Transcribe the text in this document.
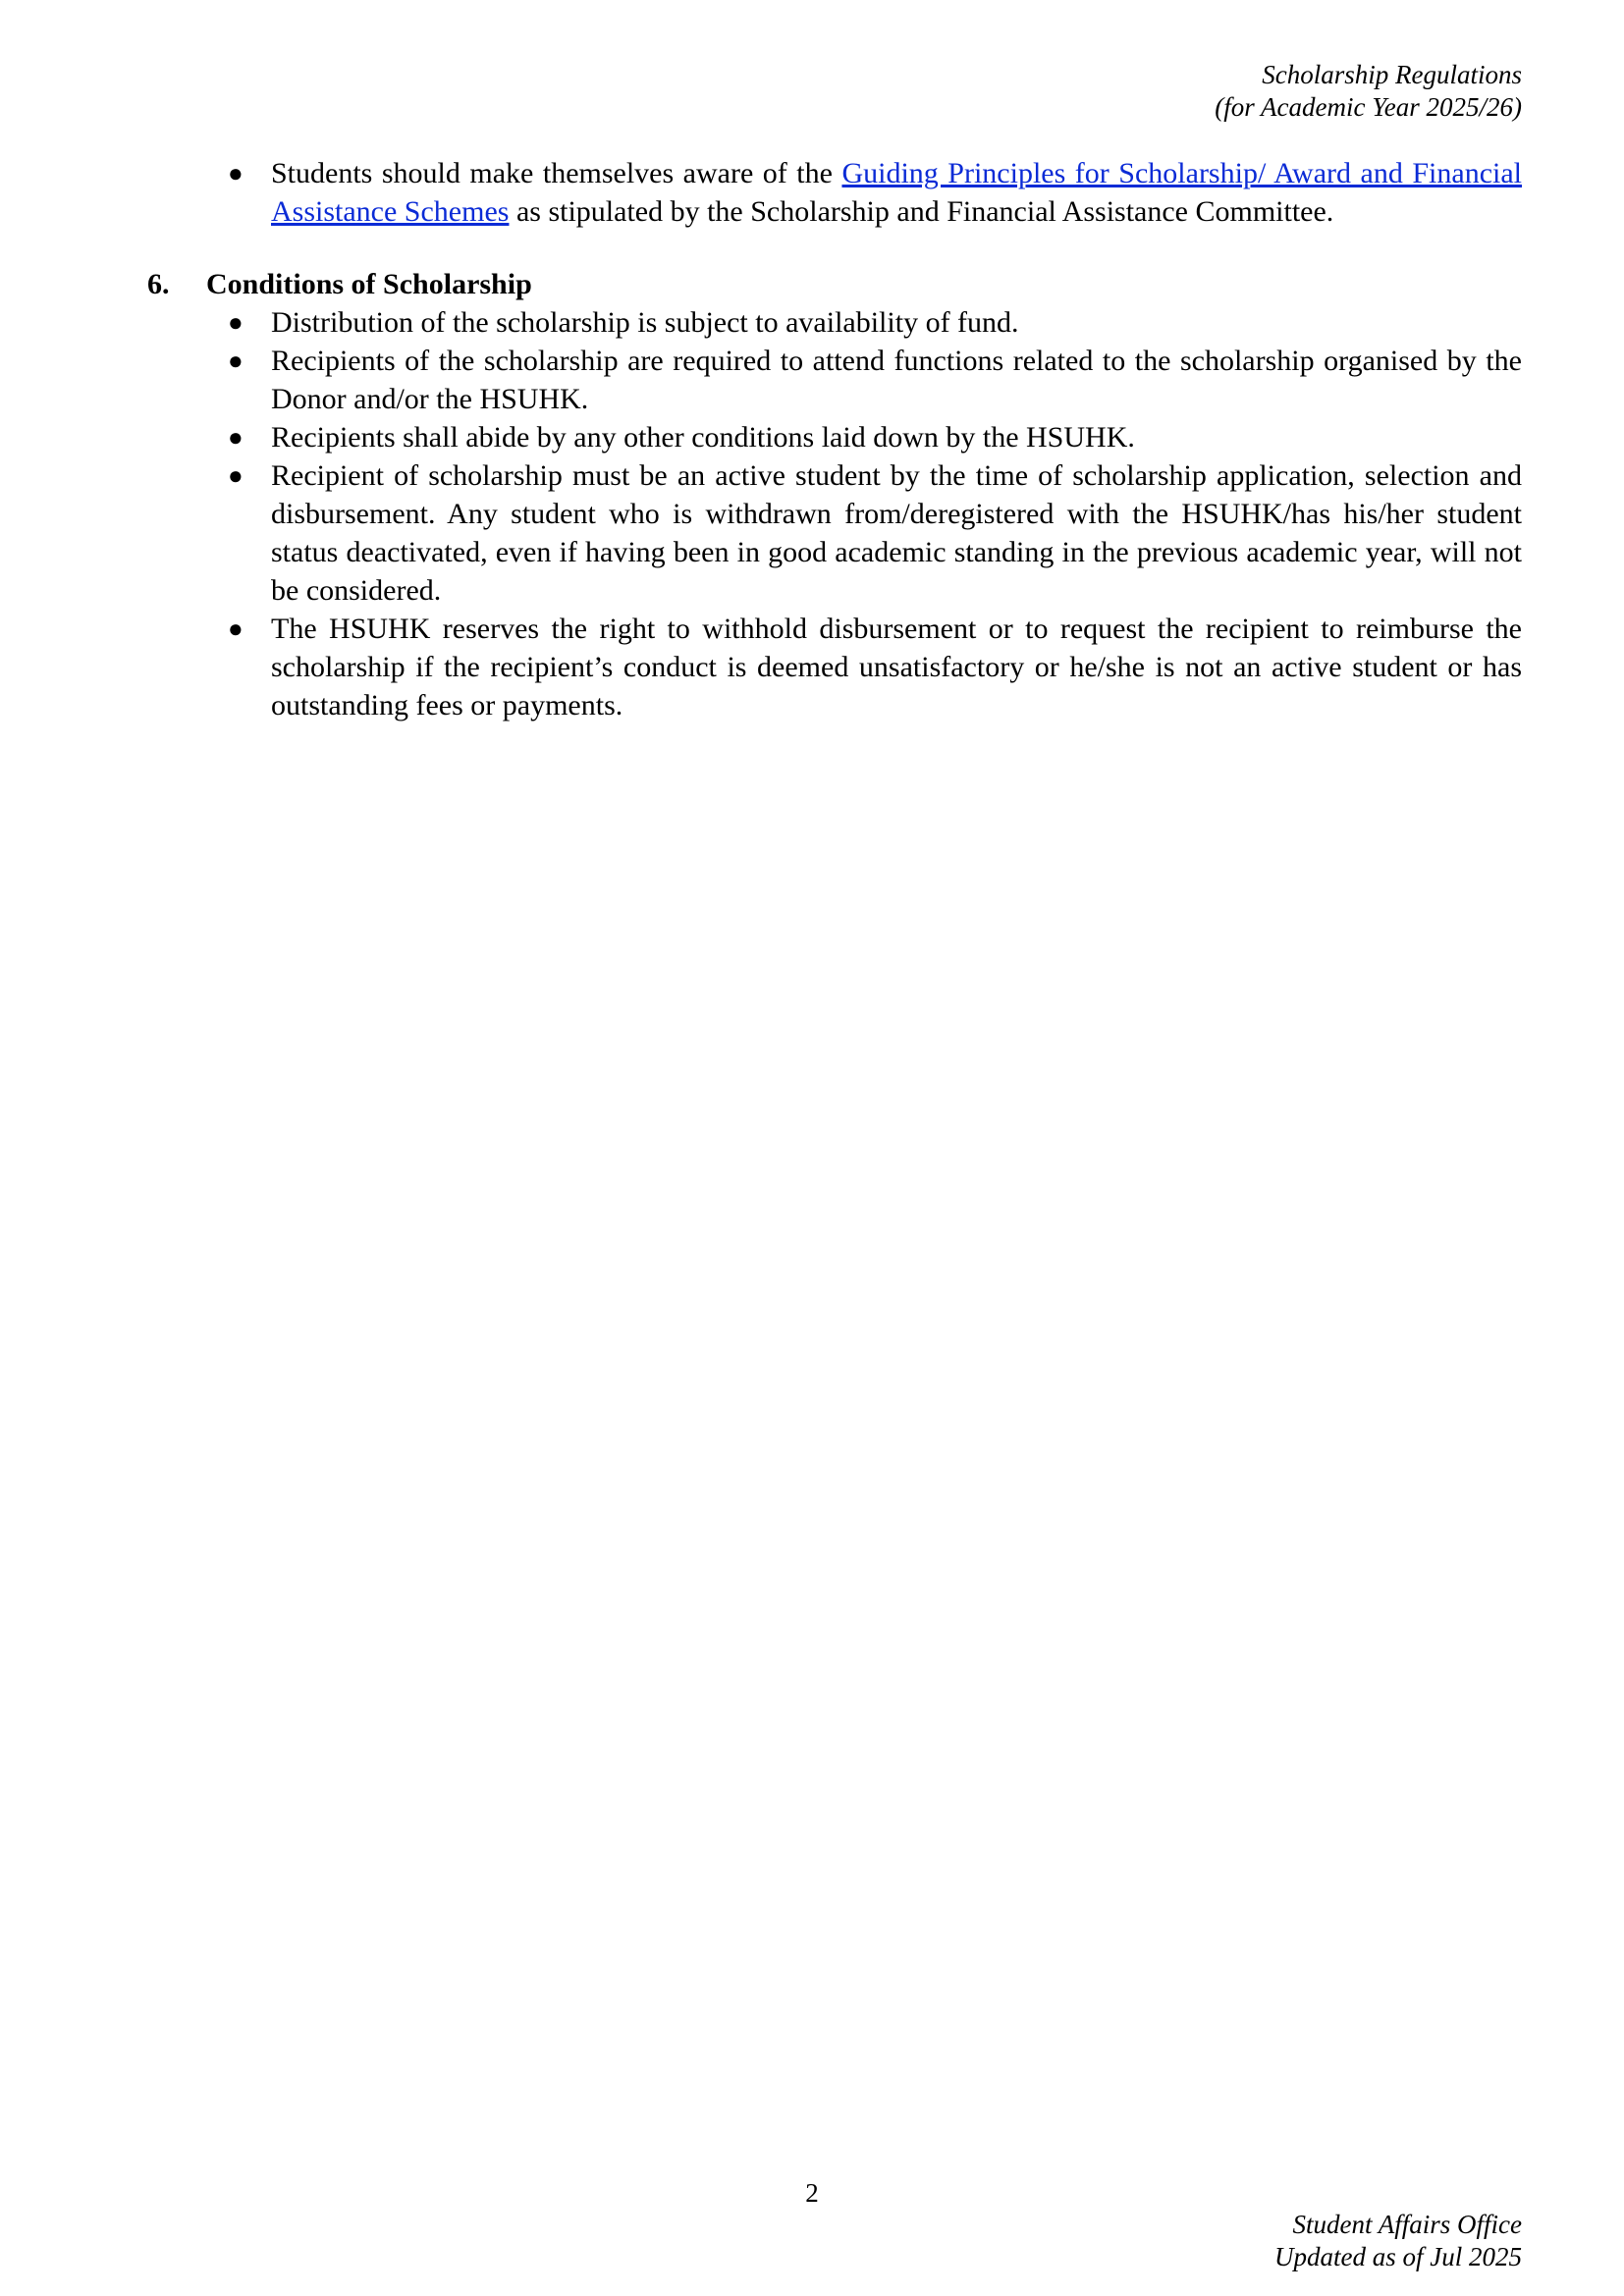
Scholarship Regulations
(for Academic Year 2025/26)
● Students should make themselves aware of the Guiding Principles for Scholarship/ Award and Financial Assistance Schemes as stipulated by the Scholarship and Financial Assistance Committee.
6.	Conditions of Scholarship
● Distribution of the scholarship is subject to availability of fund.
● Recipients of the scholarship are required to attend functions related to the scholarship organised by the Donor and/or the HSUHK.
● Recipients shall abide by any other conditions laid down by the HSUHK.
● Recipient of scholarship must be an active student by the time of scholarship application, selection and disbursement. Any student who is withdrawn from/deregistered with the HSUHK/has his/her student status deactivated, even if having been in good academic standing in the previous academic year, will not be considered.
● The HSUHK reserves the right to withhold disbursement or to request the recipient to reimburse the scholarship if the recipient’s conduct is deemed unsatisfactory or he/she is not an active student or has outstanding fees or payments.
2
Student Affairs Office
Updated as of Jul 2025
